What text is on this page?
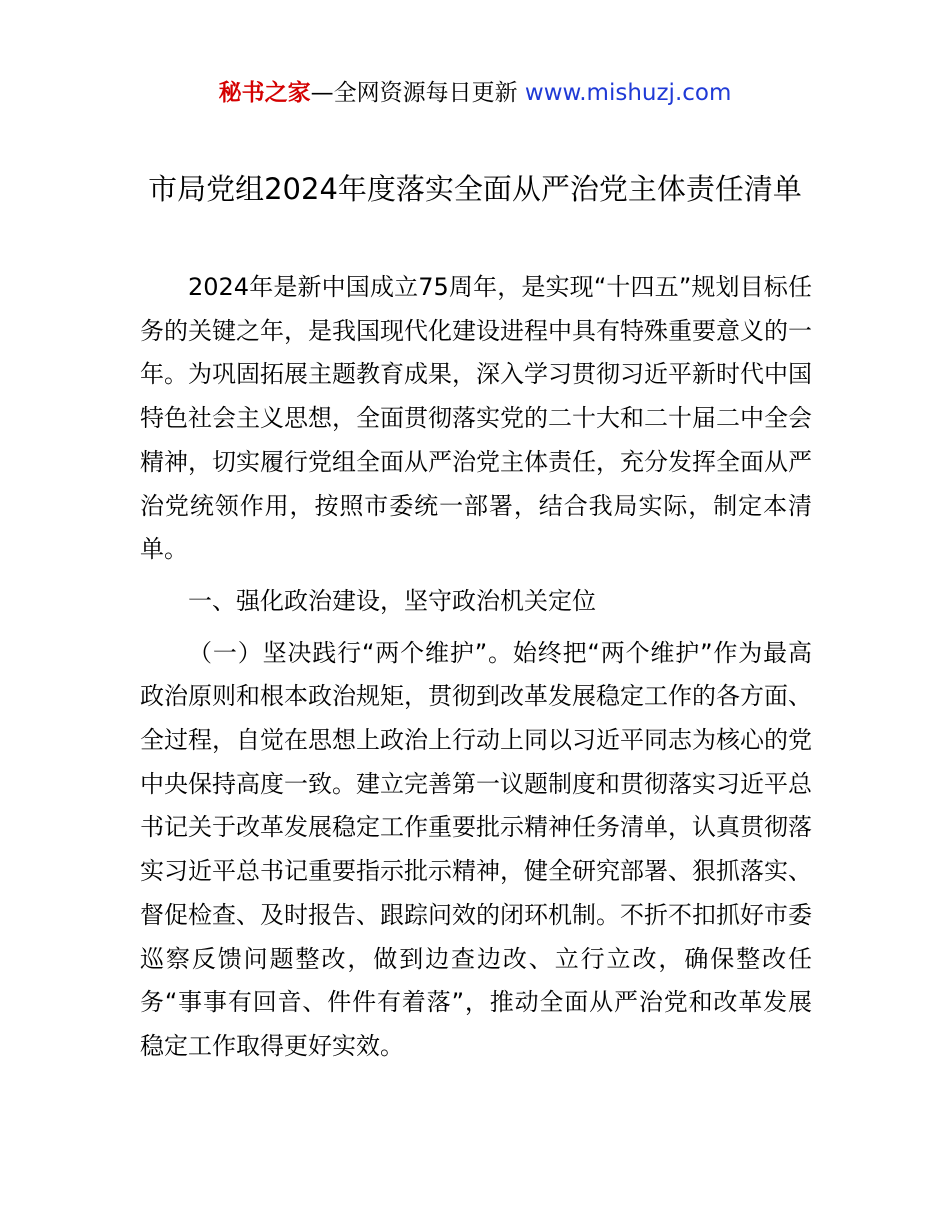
秘书之家—全网资源每日更新 www.mishuzj.com
市局党组2024年度落实全面从严治党主体责任清单

2024年是新中国成立75周年，是实现“十四五”规划目标任务的关键之年，是我国现代化建设进程中具有特殊重要意义的一年。为巩固拓展主题教育成果，深入学习贯彻习近平新时代中国特色社会主义思想，全面贯彻落实党的二十大和二十届二中全会精神，切实履行党组全面从严治党主体责任，充分发挥全面从严治党统领作用，按照市委统一部署，结合我局实际，制定本清单。

一、强化政治建设，坚守政治机关定位

（一）坚决践行“两个维护”。始终把“两个维护”作为最高政治原则和根本政治规矩，贯彻到改革发展稳定工作的各方面、全过程，自觉在思想上政治上行动上同以习近平同志为核心的党中央保持高度一致。建立完善第一议题制度和贯彻落实习近平总书记关于改革发展稳定工作重要批示精神任务清单，认真贯彻落实习近平总书记重要指示批示精神，健全研究部署、狠抓落实、督促检查、及时报告、跟踪问效的闭环机制。不折不扣抓好市委巡察反馈问题整改，做到边查边改、立行立改，确保整改任务“事事有回音、件件有着落”，推动全面从严治党和改革发展稳定工作取得更好实效。
